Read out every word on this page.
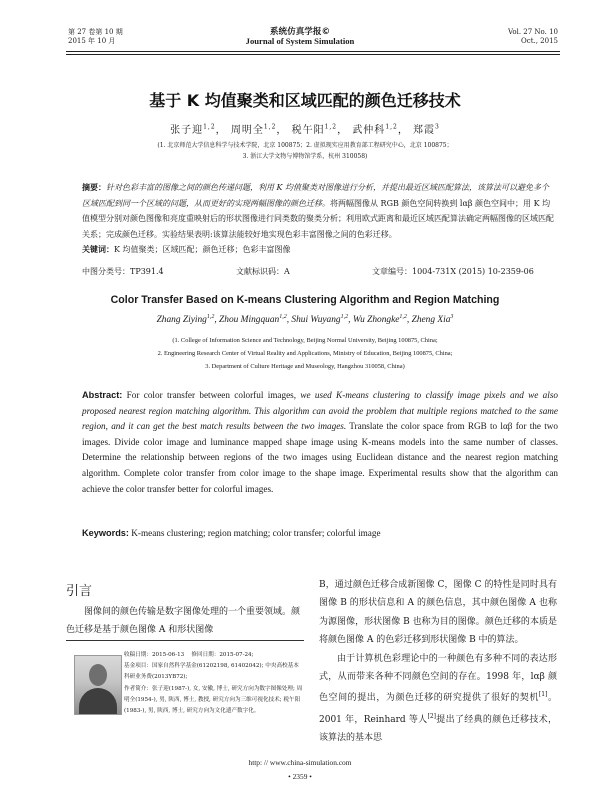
第 27 卷第 10 期
2015 年 10 月
系统仿真学报©
Journal of System Simulation
Vol. 27 No. 10
Oct., 2015
基于 K 均值聚类和区域匹配的颜色迁移技术
张子迎$^{1,2}$， 周明全$^{1,2}$， 税午阳$^{1,2}$， 武仲科$^{1,2}$， 郑霞$^3$
(1. 北京师范大学信息科学与技术学院，北京 100875；2. 虚拟现实应用教育部工程研究中心，北京 100875；
3. 浙江大学文物与博物馆学系，杭州 310058)
摘要：针对色彩丰富的图像之间的颜色传递问题，利用 K 均值聚类对图像进行分析，并提出最近区域匹配算法，该算法可以避免多个区域匹配到同一个区域的问题，从而更好的实现两幅图像的颜色迁移。将两幅图像从 RGB 颜色空间转换到 lαβ 颜色空间中；用 K 均值模型分别对颜色图像和亮度重映射后的形状图像进行同类数的聚类分析；利用欧式距离和最近区域匹配算法确定两幅图像的区域匹配关系；完成颜色迁移。实验结果表明:该算法能较好地实现色彩丰富图像之间的色彩迁移。
关键词：K 均值聚类；区域匹配；颜色迁移；色彩丰富图像
中图分类号：TP391.4	文献标识码：A	文章编号：1004-731X (2015) 10-2359-06
Color Transfer Based on K-means Clustering Algorithm and Region Matching
Zhang Ziying$^{1,2}$, Zhou Mingquan$^{1,2}$, Shui Wuyang$^{1,2}$, Wu Zhongke$^{1,2}$, Zheng Xia$^3$
(1. College of Information Science and Technology, Beijing Normal University, Beijing 100875, China;
2. Engineering Research Center of Virtual Reality and Applications, Ministry of Education, Beijing 100875, China;
3. Department of Culture Heritage and Museology, Hangzhou 310058, China)
Abstract: For color transfer between colorful images, we used K-means clustering to classify image pixels and we also proposed nearest region matching algorithm. This algorithm can avoid the problem that multiple regions matched to the same region, and it can get the best match results between the two images. Translate the color space from RGB to lαβ for the two images. Divide color image and luminance mapped shape image using K-means models into the same number of classes. Determine the relationship between regions of the two images using Euclidean distance and the nearest region matching algorithm. Complete color transfer from color image to the shape image. Experimental results show that the algorithm can achieve the color transfer better for colorful images.
Keywords: K-means clustering; region matching; color transfer; colorful image
引言
图像间的颜色传输是数字图像处理的一个重要领域。颜色迁移是基于颜色图像 A 和形状图像
收稿日期：2015-06-13 修回日期：2015-07-24;
基金项目：国家自然科学基金(61202198, 61402042); 中央高校基本科研业务费(2013YB72);
作者简介：张子迎(1987-), 女, 安徽, 博士, 研究方向为数字图像处理; 周明全(1954-), 男, 陕西, 博士, 教授, 研究方向为三维可视化技术; 税午阳(1983-), 男, 陕西, 博士, 研究方向为文化遗产数字化。

B，通过颜色迁移合成新图像 C，图像 C 的特性是同时具有图像 B 的形状信息和 A 的颜色信息，其中颜色图像 A 也称为源图像，形状图像 B 也称为目的图像。颜色迁移的本质是将颜色图像 A 的色彩迁移到形状图像 B 中的算法。

由于计算机色彩理论中的一种颜色有多种不同的表达形式，从而带来各种不同颜色空间的存在。1998 年，lαβ 颜色空间的提出，为颜色迁移的研究提供了很好的契机[1]。2001 年，Reinhard 等人[2]提出了经典的颜色迁移技术，该算法的基本思

http: // www.china-simulation.com
• 2359 •
